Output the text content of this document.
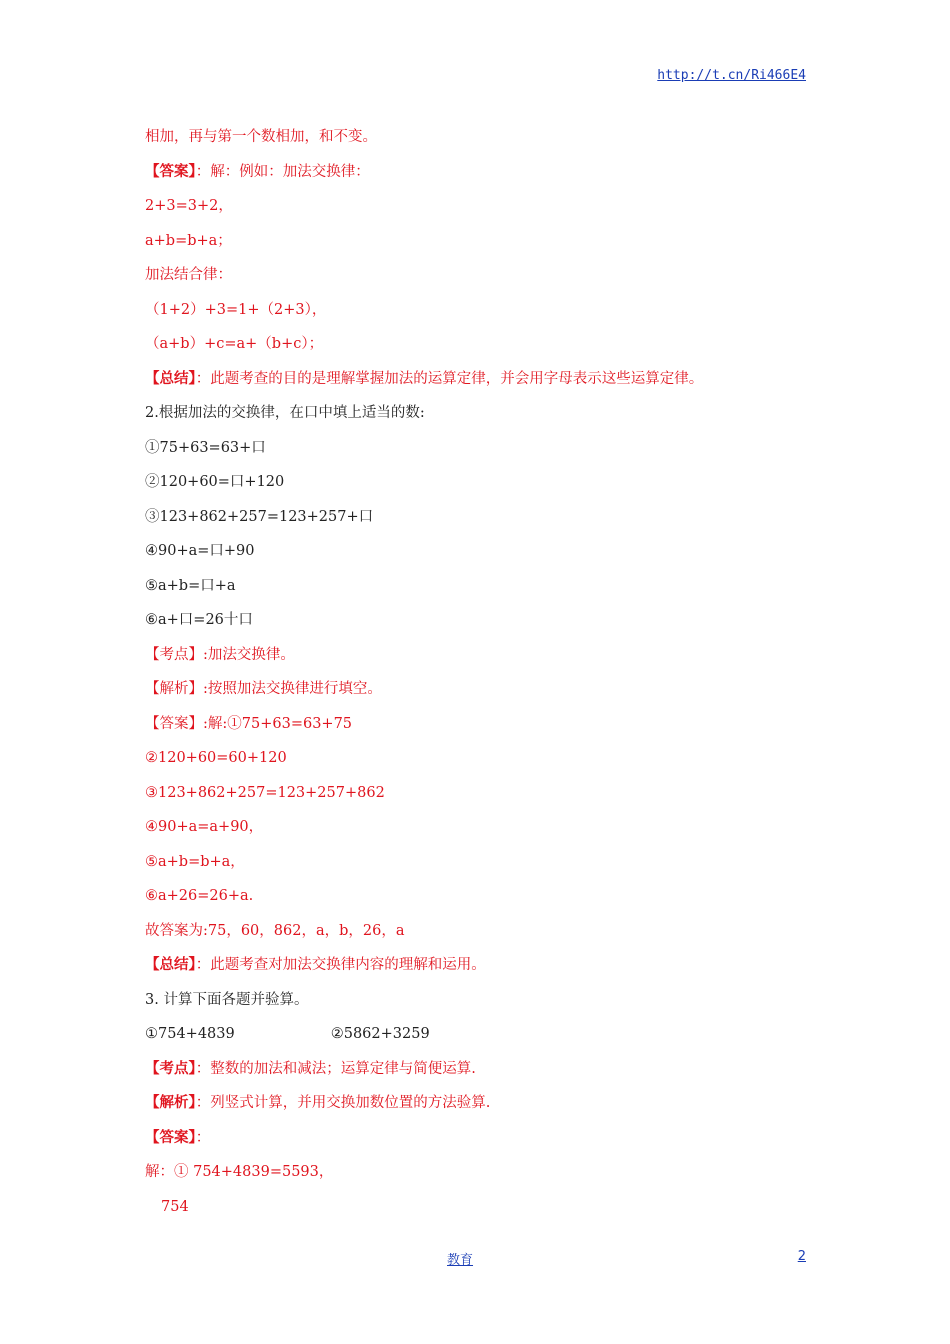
http://t.cn/Ri466E4
相加，再与第一个数相加，和不变。
【答案】：解：例如：加法交换律：
2+3=3+2，
a+b=b+a；
加法结合律：
（1+2）+3=1+（2+3），
（a+b）+c=a+（b+c）；
【总结】：此题考查的目的是理解掌握加法的运算定律，并会用字母表示这些运算定律。
2.根据加法的交换律，在口中填上适当的数:
①75+63=63+口
②120+60=口+120
③123+862+257=123+257+口
④90+a=口+90
⑤a+b=口+a
⑥a+口=26十口
【考点】:加法交换律。
【解析】:按照加法交换律进行填空。
【答案】:解:①75+63=63+75
②120+60=60+120
③123+862+257=123+257+862
④90+a=a+90，
⑤a+b=b+a，
⑥a+26=26+a.
故答案为:75，60，862，a，b，26，a
【总结】：此题考查对加法交换律内容的理解和运用。
3. 计算下面各题并验算。
①754+4839	②5862+3259
【考点】：整数的加法和减法；运算定律与简便运算.
【解析】：列竖式计算，并用交换加数位置的方法验算.
【答案】：
解：① 754+4839=5593，
754
教育	2
